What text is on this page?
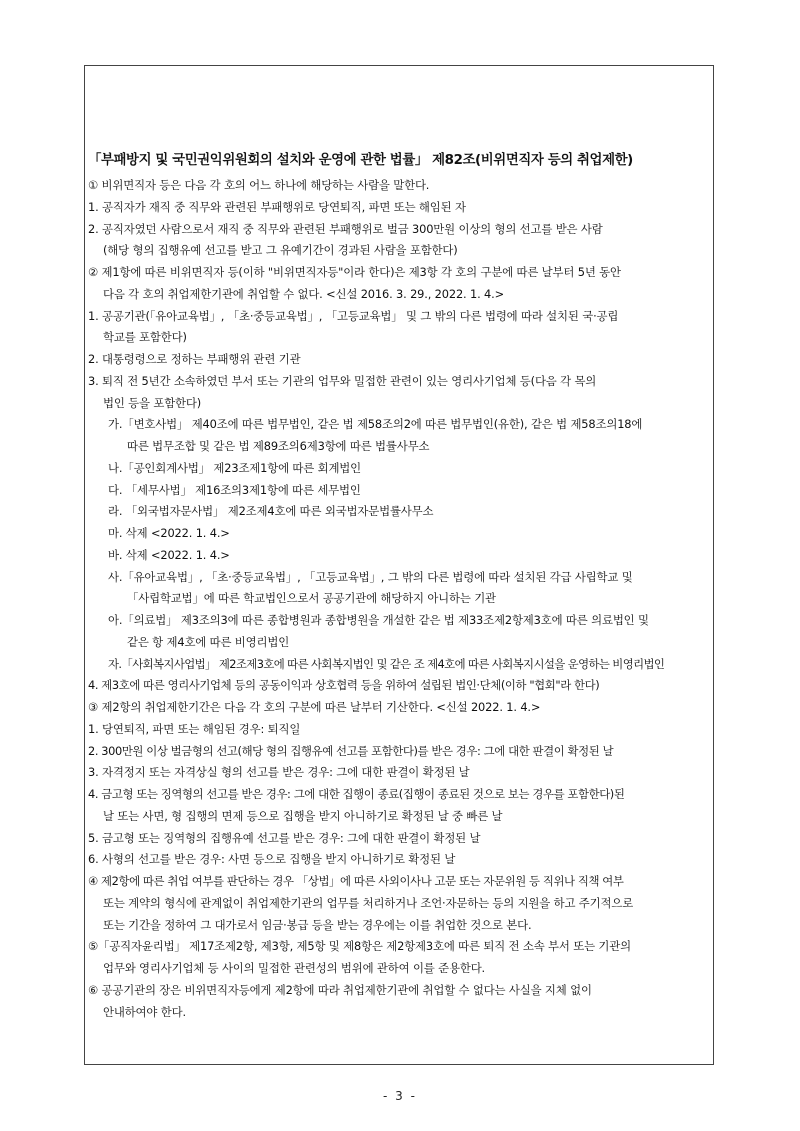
「부패방지 및 국민권익위원회의 설치와 운영에 관한 법률」 제82조(비위면직자 등의 취업제한)
① 비위면직자 등은 다음 각 호의 어느 하나에 해당하는 사람을 말한다.
1. 공직자가 재직 중 직무와 관련된 부패행위로 당연퇴직, 파면 또는 해임된 자
2. 공직자였던 사람으로서 재직 중 직무와 관련된 부패행위로 벌금 300만원 이상의 형의 선고를 받은 사람
(해당 형의 집행유예 선고를 받고 그 유예기간이 경과된 사람을 포함한다)
② 제1항에 따른 비위면직자 등(이하 "비위면직자등"이라 한다)은 제3항 각 호의 구분에 따른 날부터 5년 동안
다음 각 호의 취업제한기관에 취업할 수 없다. <신설 2016. 3. 29., 2022. 1. 4.>
1. 공공기관(「유아교육법」, 「초·중등교육법」, 「고등교육법」 및 그 밖의 다른 법령에 따라 설치된 국·공립
학교를 포함한다)
2. 대통령령으로 정하는 부패행위 관련 기관
3. 퇴직 전 5년간 소속하였던 부서 또는 기관의 업무와 밀접한 관련이 있는 영리사기업체 등(다음 각 목의
법인 등을 포함한다)
가.「변호사법」 제40조에 따른 법무법인, 같은 법 제58조의2에 따른 법무법인(유한), 같은 법 제58조의18에
따른 법무조합 및 같은 법 제89조의6제3항에 따른 법률사무소
나.「공인회계사법」 제23조제1항에 따른 회계법인
다. 「세무사법」 제16조의3제1항에 따른 세무법인
라. 「외국법자문사법」 제2조제4호에 따른 외국법자문법률사무소
마. 삭제 <2022. 1. 4.>
바. 삭제 <2022. 1. 4.>
사.「유아교육법」, 「초·중등교육법」, 「고등교육법」, 그 밖의 다른 법령에 따라 설치된 각급 사립학교 및
「사립학교법」에 따른 학교법인으로서 공공기관에 해당하지 아니하는 기관
아.「의료법」 제3조의3에 따른 종합병원과 종합병원을 개설한 같은 법 제33조제2항제3호에 따른 의료법인 및
같은 항 제4호에 따른 비영리법인
자.「사회복지사업법」 제2조제3호에 따른 사회복지법인 및 같은 조 제4호에 따른 사회복지시설을 운영하는 비영리법인
4. 제3호에 따른 영리사기업체 등의 공동이익과 상호협력 등을 위하여 설립된 법인·단체(이하 "협회"라 한다)
③ 제2항의 취업제한기간은 다음 각 호의 구분에 따른 날부터 기산한다. <신설 2022. 1. 4.>
1. 당연퇴직, 파면 또는 해임된 경우: 퇴직일
2. 300만원 이상 벌금형의 선고(해당 형의 집행유예 선고를 포함한다)를 받은 경우: 그에 대한 판결이 확정된 날
3. 자격정지 또는 자격상실 형의 선고를 받은 경우: 그에 대한 판결이 확정된 날
4. 금고형 또는 징역형의 선고를 받은 경우: 그에 대한 집행이 종료(집행이 종료된 것으로 보는 경우를 포함한다)된
날 또는 사면, 형 집행의 면제 등으로 집행을 받지 아니하기로 확정된 날 중 빠른 날
5. 금고형 또는 징역형의 집행유예 선고를 받은 경우: 그에 대한 판결이 확정된 날
6. 사형의 선고를 받은 경우: 사면 등으로 집행을 받지 아니하기로 확정된 날
④ 제2항에 따른 취업 여부를 판단하는 경우 「상법」에 따른 사외이사나 고문 또는 자문위원 등 직위나 직책 여부
또는 계약의 형식에 관계없이 취업제한기관의 업무를 처리하거나 조언·자문하는 등의 지원을 하고 주기적으로
또는 기간을 정하여 그 대가로서 임금·봉급 등을 받는 경우에는 이를 취업한 것으로 본다.
⑤「공직자윤리법」 제17조제2항, 제3항, 제5항 및 제8항은 제2항제3호에 따른 퇴직 전 소속 부서 또는 기관의
업무와 영리사기업체 등 사이의 밀접한 관련성의 범위에 관하여 이를 준용한다.
⑥ 공공기관의 장은 비위면직자등에게 제2항에 따라 취업제한기관에 취업할 수 없다는 사실을 지체 없이
안내하여야 한다.
- 3 -
